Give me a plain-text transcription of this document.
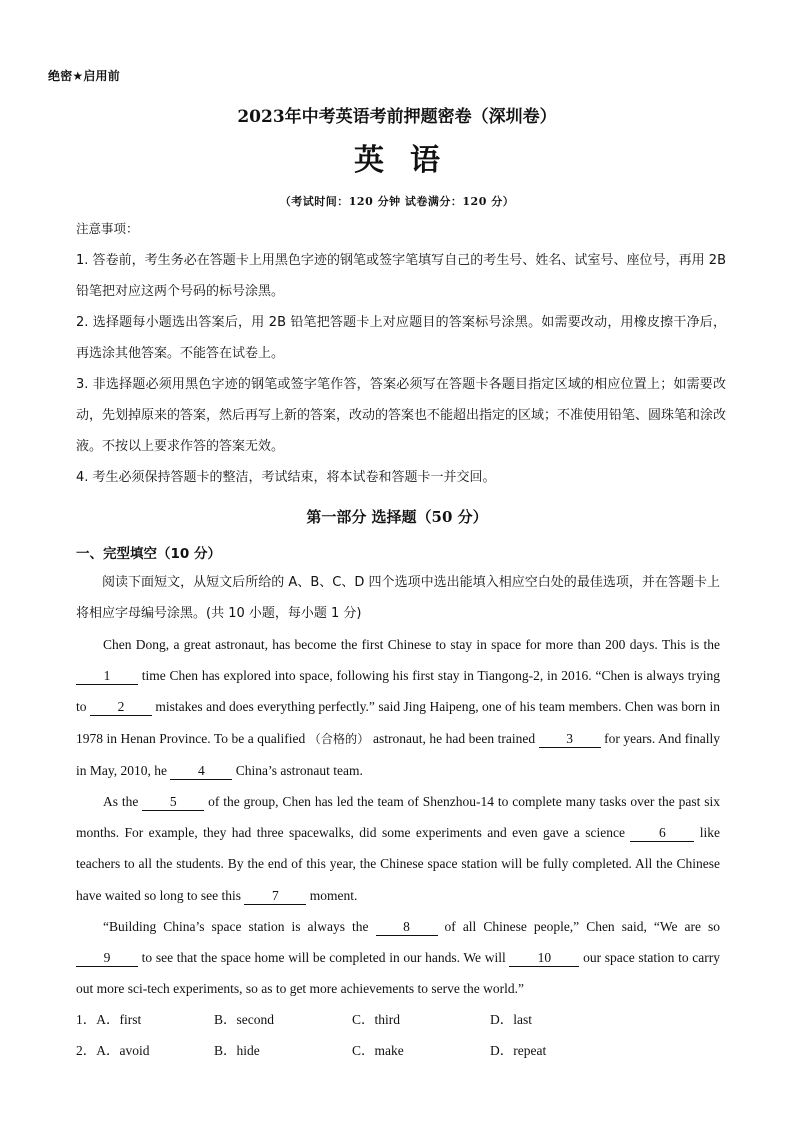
绝密★启用前
2023年中考英语考前押题密卷（深圳卷）
英语
（考试时间：120 分钟 试卷满分：120 分）
注意事项：
1. 答卷前，考生务必在答题卡上用黑色字迹的钢笔或签字笔填写自己的考生号、姓名、试室号、座位号，再用 2B 铅笔把对应这两个号码的标号涂黑。
2. 选择题每小题选出答案后，用 2B 铅笔把答题卡上对应题目的答案标号涂黑。如需要改动，用橡皮擦干净后，再选涂其他答案。不能答在试卷上。
3. 非选择题必须用黑色字迹的钢笔或签字笔作答，答案必须写在答题卡各题目指定区域的相应位置上；如需要改动，先划掉原来的答案，然后再写上新的答案，改动的答案也不能超出指定的区域；不准使用铅笔、圆珠笔和涂改液。不按以上要求作答的答案无效。
4. 考生必须保持答题卡的整洁，考试结束，将本试卷和答题卡一并交回。
第一部分 选择题（50 分）
一、完型填空（10 分）
阅读下面短文，从短文后所给的 A、B、C、D 四个选项中选出能填入相应空白处的最佳选项，并在答题卡上将相应字母编号涂黑。(共 10 小题，每小题 1 分)

Chen Dong, a great astronaut, has become the first Chinese to stay in space for more than 200 days. This is the 1 time Chen has explored into space, following his first stay in Tiangong-2, in 2016. “Chen is always trying to 2 mistakes and does everything perfectly.” said Jing Haipeng, one of his team members. Chen was born in 1978 in Henan Province. To be a qualified （合格的） astronaut, he had been trained 3 for years. And finally in May, 2010, he 4 China’s astronaut team.

As the 5 of the group, Chen has led the team of Shenzhou-14 to complete many tasks over the past six months. For example, they had three spacewalks, did some experiments and even gave a science 6 like teachers to all the students. By the end of this year, the Chinese space station will be fully completed. All the Chinese have waited so long to see this 7 moment.

“Building China’s space station is always the 8 of all Chinese people,” Chen said, “We are so 9 to see that the space home will be completed in our hands. We will 10 our space station to carry out more sci-tech experiments, so as to get more achievements to serve the world.”

1．A．first	B．second	C．third	D．last
2．A．avoid	B．hide	C．make	D．repeat
